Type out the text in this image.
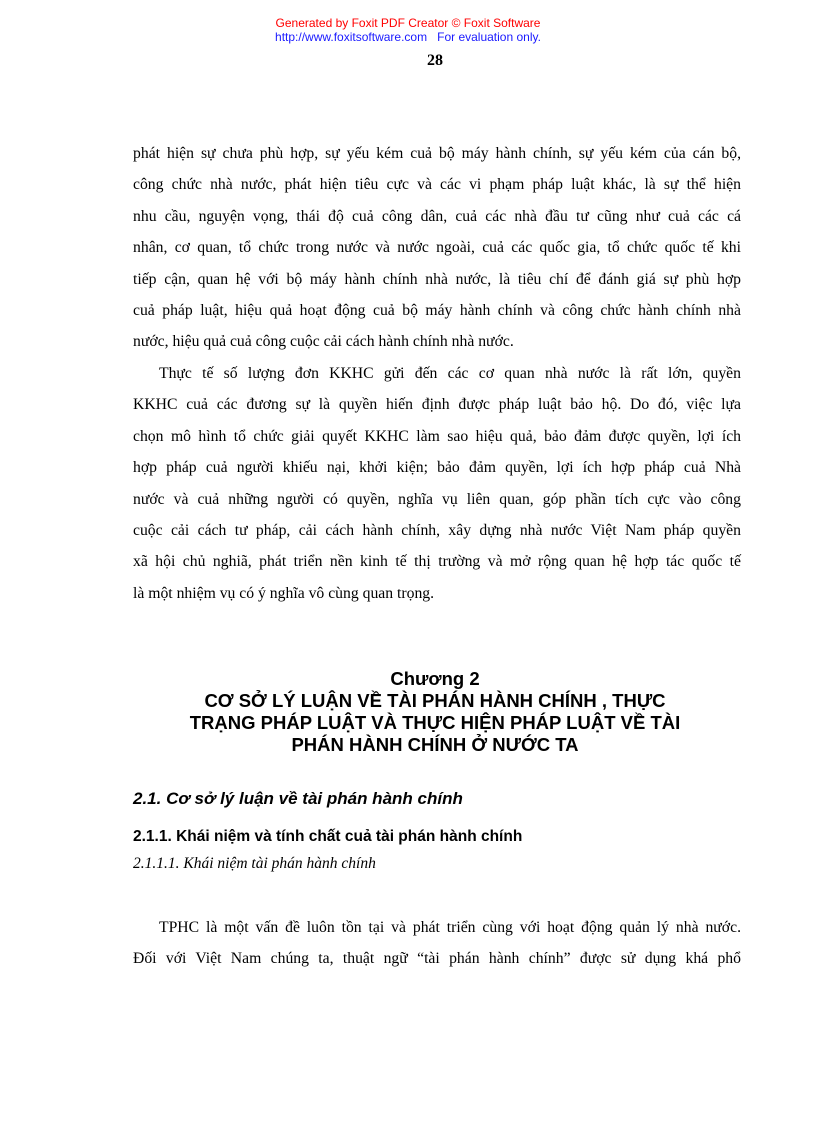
Generated by Foxit PDF Creator © Foxit Software
http://www.foxitsoftware.com For evaluation only.
28
phát hiện sự chưa phù hợp, sự yếu kém cuả bộ máy hành chính, sự yếu kém của cán bộ,
công chức nhà nước, phát hiện tiêu cực và các vi phạm pháp luật khác, là sự thể hiện
nhu cầu, nguyện vọng, thái độ cuả công dân, cuả các nhà đầu tư cũng như cuả các cá
nhân, cơ quan, tổ chức trong nước và nước ngoài, cuả các quốc gia, tổ chức quốc tế khi
tiếp cận, quan hệ với bộ máy hành chính nhà nước, là tiêu chí để đánh giá sự phù hợp
cuả pháp luật, hiệu quả hoạt động cuả bộ máy hành chính và công chức hành chính nhà
nước, hiệu quả cuả công cuộc cải cách hành chính nhà nước.
Thực tế số lượng đơn KKHC gửi đến các cơ quan nhà nước là rất lớn, quyền
KKHC cuả các đương sự là quyền hiến định được pháp luật bảo hộ. Do đó, việc lựa
chọn mô hình tổ chức giải quyết KKHC làm sao hiệu quả, bảo đảm được quyền, lợi ích
hợp pháp cuả người khiếu nại, khởi kiện; bảo đảm quyền, lợi ích hợp pháp cuả Nhà
nước và cuả những người có quyền, nghĩa vụ liên quan, góp phần tích cực vào công
cuộc cải cách tư pháp, cải cách hành chính, xây dựng nhà nước Việt Nam pháp quyền
xã hội chủ nghiã, phát triển nền kinh tế thị trường và mở rộng quan hệ hợp tác quốc tế
là một nhiệm vụ có ý nghĩa vô cùng quan trọng.
Chương 2
CƠ SỞ LÝ LUẬN VỀ TÀI PHÁN HÀNH CHÍNH , THỰC
TRẠNG PHÁP LUẬT VÀ THỰC HIỆN PHÁP LUẬT VỀ TÀI
PHÁN HÀNH CHÍNH Ở NƯỚC TA
2.1. Cơ sở lý luận về tài phán hành chính
2.1.1. Khái niệm và tính chất cuả tài phán hành chính
2.1.1.1. Khái niệm tài phán hành chính
TPHC là một vấn đề luôn tồn tại và phát triển cùng với hoạt động quản lý nhà nước.
Đối với Việt Nam chúng ta, thuật ngữ “tài phán hành chính” được sử dụng khá phổ
